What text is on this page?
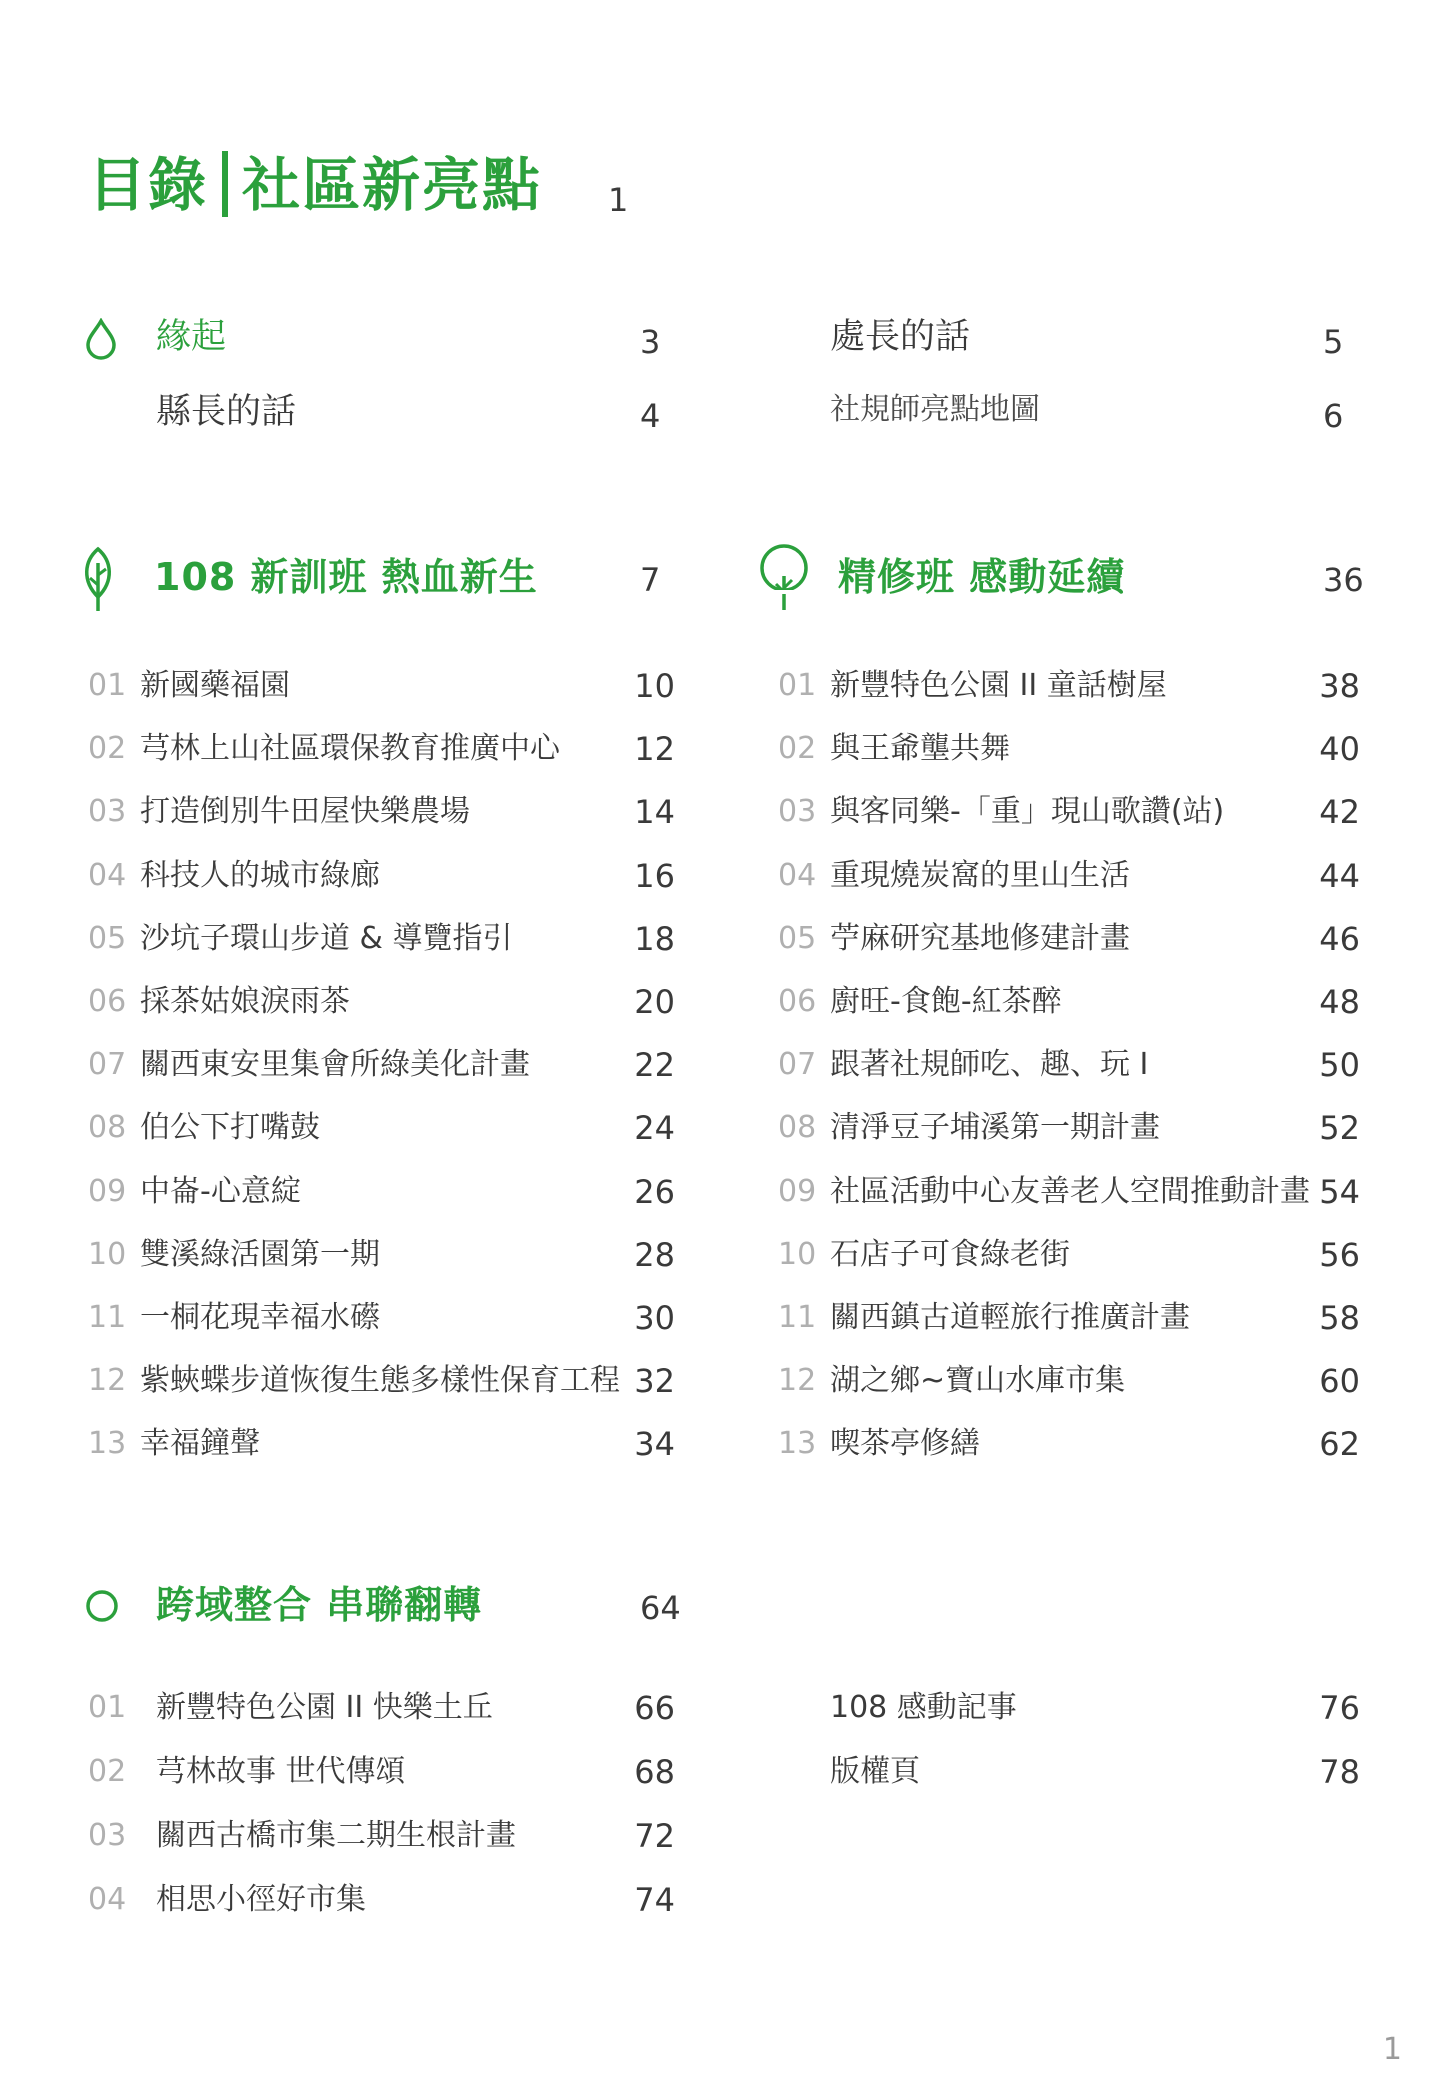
目錄 社區新亮點 1
緣起	3
縣長的話	4
處長的話	5
社規師亮點地圖	6
108 新訓班 熱血新生	7
01 新國藥福園	10
02 芎林上山社區環保教育推廣中心	12
03 打造倒別牛田屋快樂農場	14
04 科技人的城市綠廊	16
05 沙坑子環山步道 & 導覽指引	18
06 採茶姑娘淚雨茶	20
07 關西東安里集會所綠美化計畫	22
08 伯公下打嘴鼓	24
09 中崙-心意綻	26
10 雙溪綠活園第一期	28
11 一桐花現幸福水礤	30
12 紫蛺蝶步道恢復生態多樣性保育工程 32
13 幸福鐘聲	34
精修班 感動延續	36
01 新豐特色公園 II 童話樹屋	38
02 與王爺壟共舞	40
03 與客同樂-「重」現山歌讚(站)	42
04 重現燒炭窩的里山生活	44
05 苧麻研究基地修建計畫	46
06 廚旺-食飽-紅茶醉	48
07 跟著社規師吃、趣、玩 I	50
08 清淨豆子埔溪第一期計畫	52
09 社區活動中心友善老人空間推動計畫 54
10 石店子可食綠老街	56
11 關西鎮古道輕旅行推廣計畫	58
12 湖之鄉~寶山水庫市集	60
13 喫茶亭修繕	62
跨域整合 串聯翻轉	64
01 新豐特色公園 II 快樂土丘	66
02 芎林故事 世代傳頌	68
03 關西古橋市集二期生根計畫	72
04 相思小徑好市集	74
108 感動記事	76
版權頁	78
1
